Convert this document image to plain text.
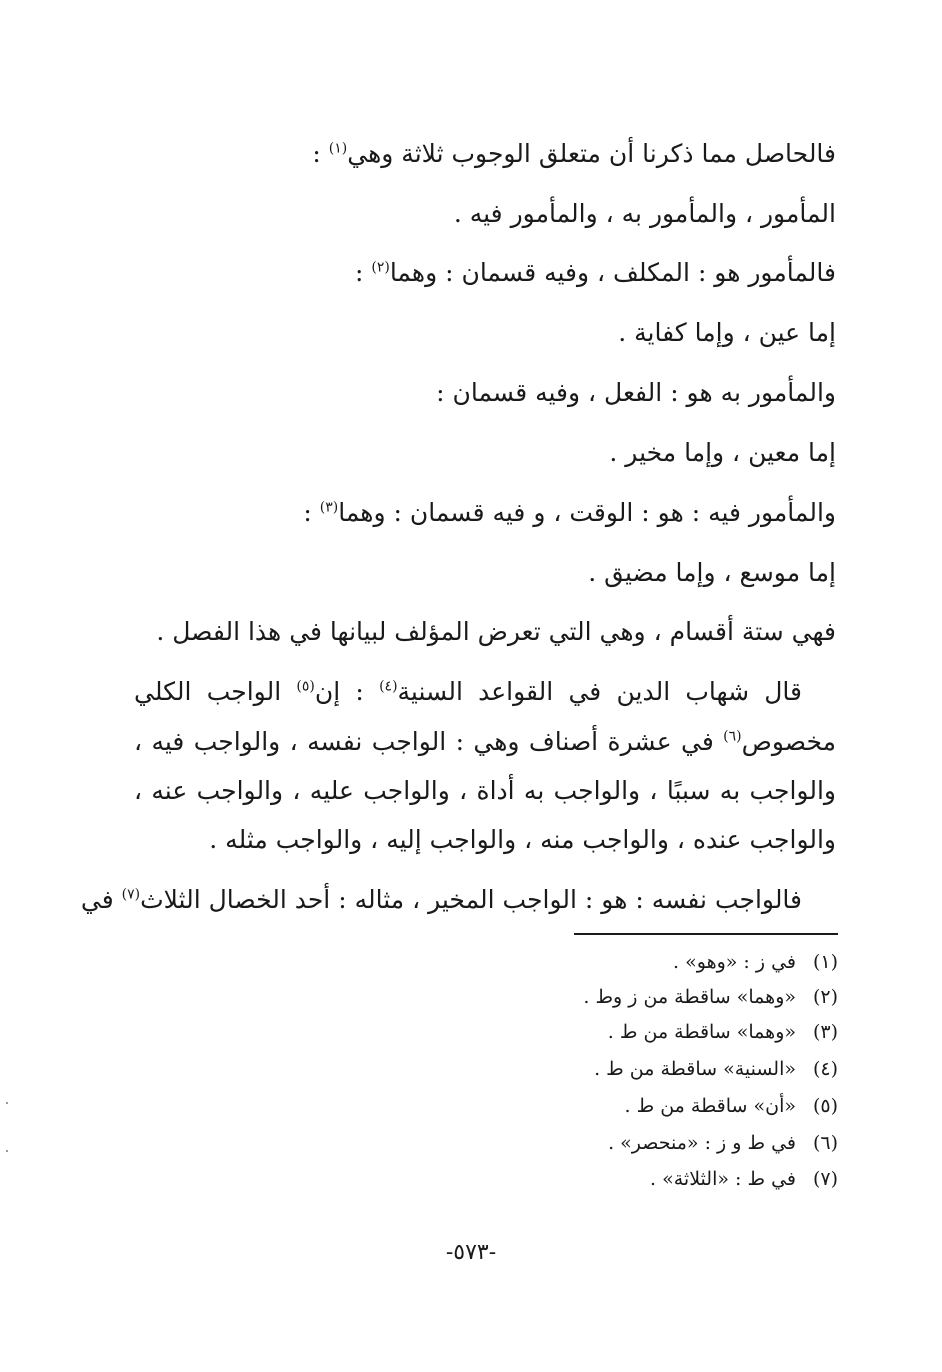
فالحاصل مما ذكرنا أن متعلق الوجوب ثلاثة وهي$^{(١)}$ :
المأمور ، والمأمور به ، والمأمور فيه .
فالمأمور هو : المكلف ، وفيه قسمان : وهما$^{(٢)}$ :
إما عين ، وإما كفاية .
والمأمور به هو : الفعل ، وفيه قسمان :
إما معين ، وإما مخير .
والمأمور فيه : هو : الوقت ، و فيه قسمان : وهما$^{(٣)}$ :
إما موسع ، وإما مضيق .
فهي ستة أقسام ، وهي التي تعرض المؤلف لبيانها في هذا الفصل .
قال شهاب الدين في القواعد السنية$^{(٤)}$ : إن$^{(٥)}$ الواجب الكلي
مخصوص$^{(٦)}$ في عشرة أصناف وهي : الواجب نفسه ، والواجب فيه ،
والواجب به سببًا ، والواجب به أداة ، والواجب عليه ، والواجب عنه ،
والواجب عنده ، والواجب منه ، والواجب إليه ، والواجب مثله .
فالواجب نفسه : هو : الواجب المخير ، مثاله : أحد الخصال الثلاث$^{(٧)}$ في
(١)في ز : «وهو» .
(٢)«وهما» ساقطة من ز وط .
(٣)«وهما» ساقطة من ط .
(٤)«السنية» ساقطة من ط .
(٥)«أن» ساقطة من ط .
(٦)في ط و ز : «منحصر» .
(٧)في ط : «الثلاثة» .
-٥٧٣-
